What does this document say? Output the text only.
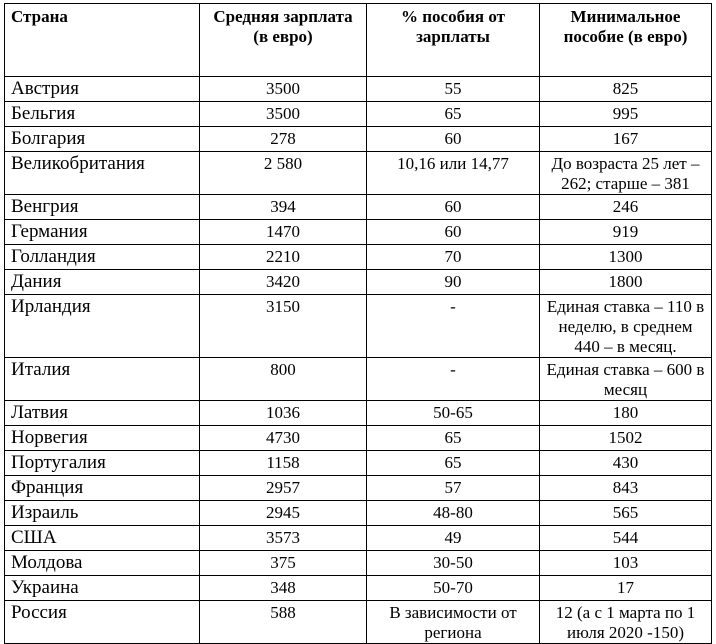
Страна	Средняя зарплата (в евро)	% пособия от зарплаты	Минимальное пособие (в евро)
Австрия	3500	55	825
Бельгия	3500	65	995
Болгария	278	60	167
Великобритания	2 580	10,16 или 14,77	До возраста 25 лет – 262; старше – 381
Венгрия	394	60	246
Германия	1470	60	919
Голландия	2210	70	1300
Дания	3420	90	1800
Ирландия	3150	-	Единая ставка – 110 в неделю, в среднем 440 – в месяц.
Италия	800	-	Единая ставка – 600 в месяц
Латвия	1036	50-65	180
Норвегия	4730	65	1502
Португалия	1158	65	430
Франция	2957	57	843
Израиль	2945	48-80	565
США	3573	49	544
Молдова	375	30-50	103
Украина	348	50-70	17
Россия	588	В зависимости от региона	12 (а с 1 марта по 1 июля 2020 -150)
